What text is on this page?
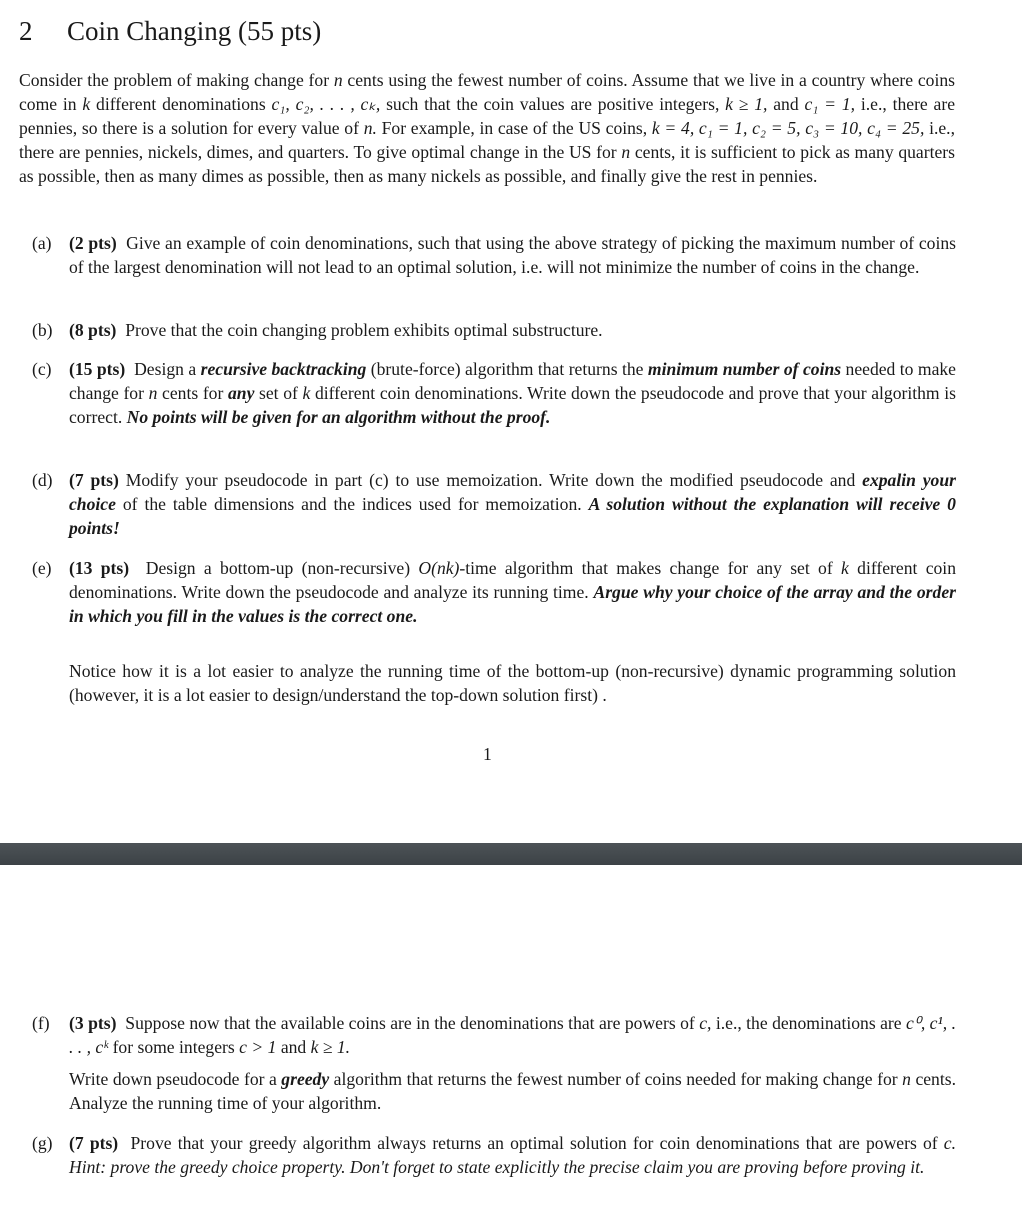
2 Coin Changing (55 pts)
Consider the problem of making change for n cents using the fewest number of coins. Assume that we live in a country where coins come in k different denominations c₁, c₂, . . . , cₖ, such that the coin values are positive integers, k ≥ 1, and c₁ = 1, i.e., there are pennies, so there is a solution for every value of n. For example, in case of the US coins, k = 4, c₁ = 1, c₂ = 5, c₃ = 10, c₄ = 25, i.e., there are pennies, nickels, dimes, and quarters. To give optimal change in the US for n cents, it is sufficient to pick as many quarters as possible, then as many dimes as possible, then as many nickels as possible, and finally give the rest in pennies.
(a) (2 pts) Give an example of coin denominations, such that using the above strategy of picking the maximum number of coins of the largest denomination will not lead to an optimal solution, i.e. will not minimize the number of coins in the change.
(b) (8 pts) Prove that the coin changing problem exhibits optimal substructure.
(c) (15 pts) Design a recursive backtracking (brute-force) algorithm that returns the minimum number of coins needed to make change for n cents for any set of k different coin denominations. Write down the pseudocode and prove that your algorithm is correct. No points will be given for an algorithm without the proof.
(d) (7 pts) Modify your pseudocode in part (c) to use memoization. Write down the modified pseudocode and expalin your choice of the table dimensions and the indices used for memoization. A solution without the explanation will receive 0 points!
(e) (13 pts) Design a bottom-up (non-recursive) O(nk)-time algorithm that makes change for any set of k different coin denominations. Write down the pseudocode and analyze its running time. Argue why your choice of the array and the order in which you fill in the values is the correct one.
Notice how it is a lot easier to analyze the running time of the bottom-up (non-recursive) dynamic programming solution (however, it is a lot easier to design/understand the top-down solution first) .
1
(f)	(3 pts) Suppose now that the available coins are in the denominations that are powers of c, i.e., the denominations are c⁰, c¹, . . . , cᵏ for some integers c > 1 and k ≥ 1.
Write down pseudocode for a greedy algorithm that returns the fewest number of coins needed for making change for n cents. Analyze the running time of your algorithm.
(g) (7 pts) Prove that your greedy algorithm always returns an optimal solution for coin denominations that are powers of c. Hint: prove the greedy choice property. Don't forget to state explicitly the precise claim you are proving before proving it.
